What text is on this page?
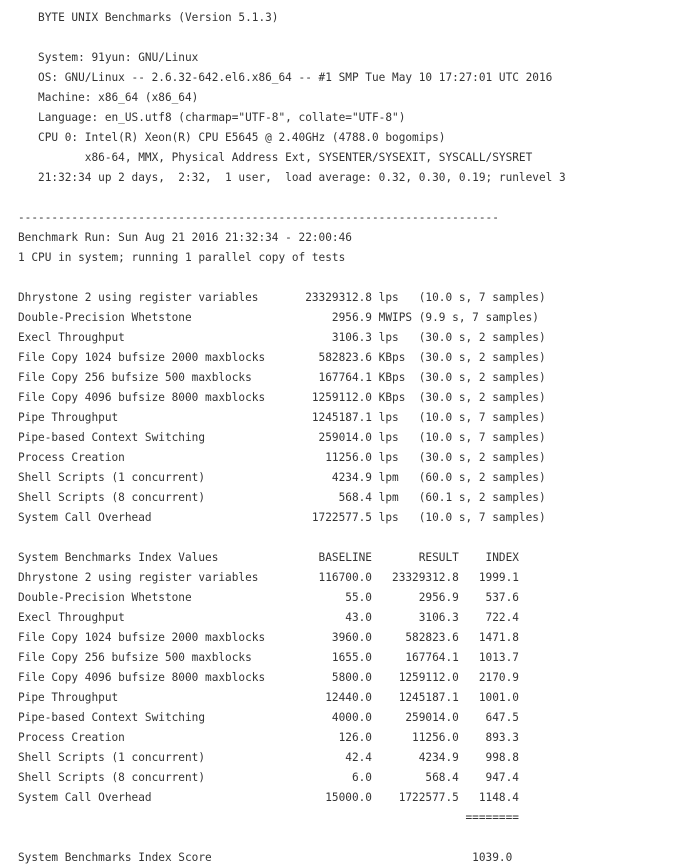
BYTE UNIX Benchmarks (Version 5.1.3)
System: 91yun: GNU/Linux
OS: GNU/Linux -- 2.6.32-642.el6.x86_64 -- #1 SMP Tue May 10 17:27:01 UTC 2016
Machine: x86_64 (x86_64)
Language: en_US.utf8 (charmap="UTF-8", collate="UTF-8")
CPU 0: Intel(R) Xeon(R) CPU E5645 @ 2.40GHz (4788.0 bogomips)
x86-64, MMX, Physical Address Ext, SYSENTER/SYSEXIT, SYSCALL/SYSRET
21:32:34 up 2 days,  2:32,  1 user,  load average: 0.32, 0.30, 0.19; runlevel 3
------------------------------------------------------------------------
Benchmark Run: Sun Aug 21 2016 21:32:34 - 22:00:46
1 CPU in system; running 1 parallel copy of tests
Dhrystone 2 using register variables       23329312.8 lps   (10.0 s, 7 samples)
Double-Precision Whetstone                     2956.9 MWIPS (9.9 s, 7 samples)
Execl Throughput                               3106.3 lps   (30.0 s, 2 samples)
File Copy 1024 bufsize 2000 maxblocks        582823.6 KBps  (30.0 s, 2 samples)
File Copy 256 bufsize 500 maxblocks          167764.1 KBps  (30.0 s, 2 samples)
File Copy 4096 bufsize 8000 maxblocks       1259112.0 KBps  (30.0 s, 2 samples)
Pipe Throughput                             1245187.1 lps   (10.0 s, 7 samples)
Pipe-based Context Switching                 259014.0 lps   (10.0 s, 7 samples)
Process Creation                              11256.0 lps   (30.0 s, 2 samples)
Shell Scripts (1 concurrent)                   4234.9 lpm   (60.0 s, 2 samples)
Shell Scripts (8 concurrent)                    568.4 lpm   (60.1 s, 2 samples)
System Call Overhead                        1722577.5 lps   (10.0 s, 7 samples)
System Benchmarks Index Values               BASELINE       RESULT    INDEX
Dhrystone 2 using register variables         116700.0   23329312.8   1999.1
Double-Precision Whetstone                       55.0       2956.9    537.6
Execl Throughput                                 43.0       3106.3    722.4
File Copy 1024 bufsize 2000 maxblocks          3960.0     582823.6   1471.8
File Copy 256 bufsize 500 maxblocks            1655.0     167764.1   1013.7
File Copy 4096 bufsize 8000 maxblocks          5800.0    1259112.0   2170.9
Pipe Throughput                               12440.0    1245187.1   1001.0
Pipe-based Context Switching                   4000.0     259014.0    647.5
Process Creation                                126.0      11256.0    893.3
Shell Scripts (1 concurrent)                     42.4       4234.9    998.8
Shell Scripts (8 concurrent)                      6.0        568.4    947.4
System Call Overhead                          15000.0    1722577.5   1148.4
========
System Benchmarks Index Score                                       1039.0
